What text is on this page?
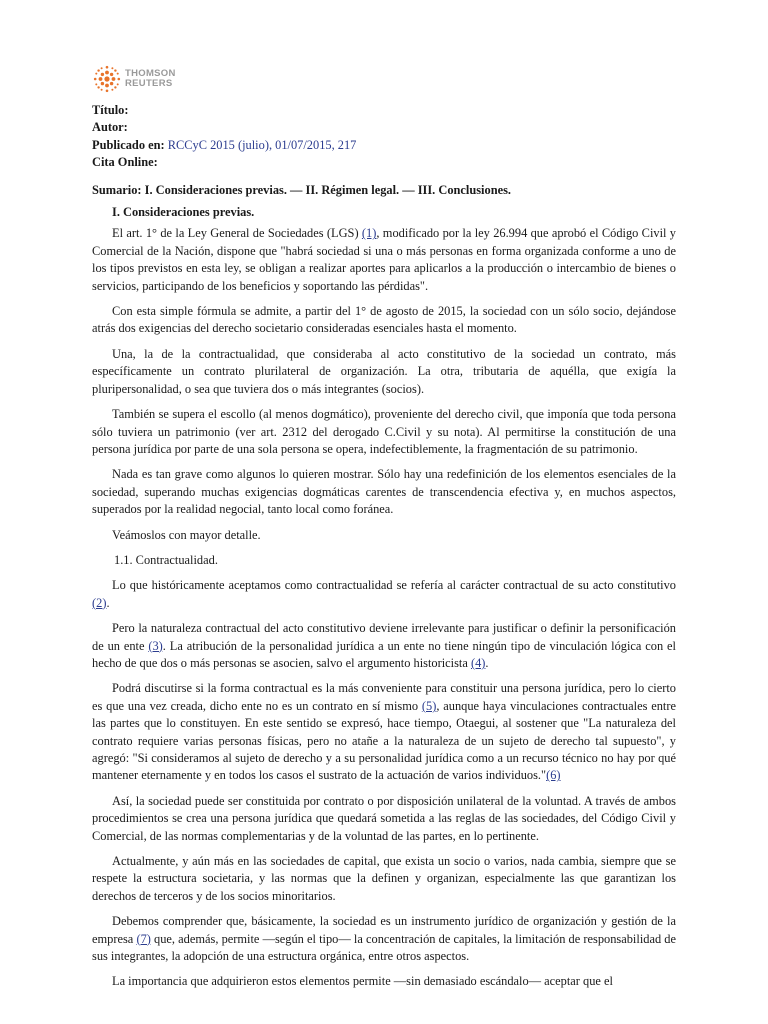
THOMSON
REUTERS
Título:
Autor:
Publicado en: RCCyC 2015 (julio), 01/07/2015, 217
Cita Online:
Sumario: I. Consideraciones previas. — II. Régimen legal. — III. Conclusiones.
I. Consideraciones previas.

El art. 1° de la Ley General de Sociedades (LGS) (1), modificado por la ley 26.994 que aprobó el Código Civil y Comercial de la Nación, dispone que "habrá sociedad si una o más personas en forma organizada conforme a uno de los tipos previstos en esta ley, se obligan a realizar aportes para aplicarlos a la producción o intercambio de bienes o servicios, participando de los beneficios y soportando las pérdidas".

Con esta simple fórmula se admite, a partir del 1° de agosto de 2015, la sociedad con un sólo socio, dejándose atrás dos exigencias del derecho societario consideradas esenciales hasta el momento.

Una, la de la contractualidad, que consideraba al acto constitutivo de la sociedad un contrato, más específicamente un contrato plurilateral de organización. La otra, tributaria de aquélla, que exigía la pluripersonalidad, o sea que tuviera dos o más integrantes (socios).

También se supera el escollo (al menos dogmático), proveniente del derecho civil, que imponía que toda persona sólo tuviera un patrimonio (ver art. 2312 del derogado C.Civil y su nota). Al permitirse la constitución de una persona jurídica por parte de una sola persona se opera, indefectiblemente, la fragmentación de su patrimonio.

Nada es tan grave como algunos lo quieren mostrar. Sólo hay una redefinición de los elementos esenciales de la sociedad, superando muchas exigencias dogmáticas carentes de transcendencia efectiva y, en muchos aspectos, superados por la realidad negocial, tanto local como foránea.

Veámoslos con mayor detalle.

1.1. Contractualidad.

Lo que históricamente aceptamos como contractualidad se refería al carácter contractual de su acto constitutivo (2).

Pero la naturaleza contractual del acto constitutivo deviene irrelevante para justificar o definir la personificación de un ente (3). La atribución de la personalidad jurídica a un ente no tiene ningún tipo de vinculación lógica con el hecho de que dos o más personas se asocien, salvo el argumento historicista (4).

Podrá discutirse si la forma contractual es la más conveniente para constituir una persona jurídica, pero lo cierto es que una vez creada, dicho ente no es un contrato en sí mismo (5), aunque haya vinculaciones contractuales entre las partes que lo constituyen. En este sentido se expresó, hace tiempo, Otaegui, al sostener que "La naturaleza del contrato requiere varias personas físicas, pero no atañe a la naturaleza de un sujeto de derecho tal supuesto", y agregó: "Si consideramos al sujeto de derecho y a su personalidad jurídica como a un recurso técnico no hay por qué mantener eternamente y en todos los casos el sustrato de la actuación de varios individuos."(6)

Así, la sociedad puede ser constituida por contrato o por disposición unilateral de la voluntad. A través de ambos procedimientos se crea una persona jurídica que quedará sometida a las reglas de las sociedades, del Código Civil y Comercial, de las normas complementarias y de la voluntad de las partes, en lo pertinente.

Actualmente, y aún más en las sociedades de capital, que exista un socio o varios, nada cambia, siempre que se respete la estructura societaria, y las normas que la definen y organizan, especialmente las que garantizan los derechos de terceros y de los socios minoritarios.

Debemos comprender que, básicamente, la sociedad es un instrumento jurídico de organización y gestión de la empresa (7) que, además, permite —según el tipo— la concentración de capitales, la limitación de responsabilidad de sus integrantes, la adopción de una estructura orgánica, entre otros aspectos.

La importancia que adquirieron estos elementos permite —sin demasiado escándalo— aceptar que el
